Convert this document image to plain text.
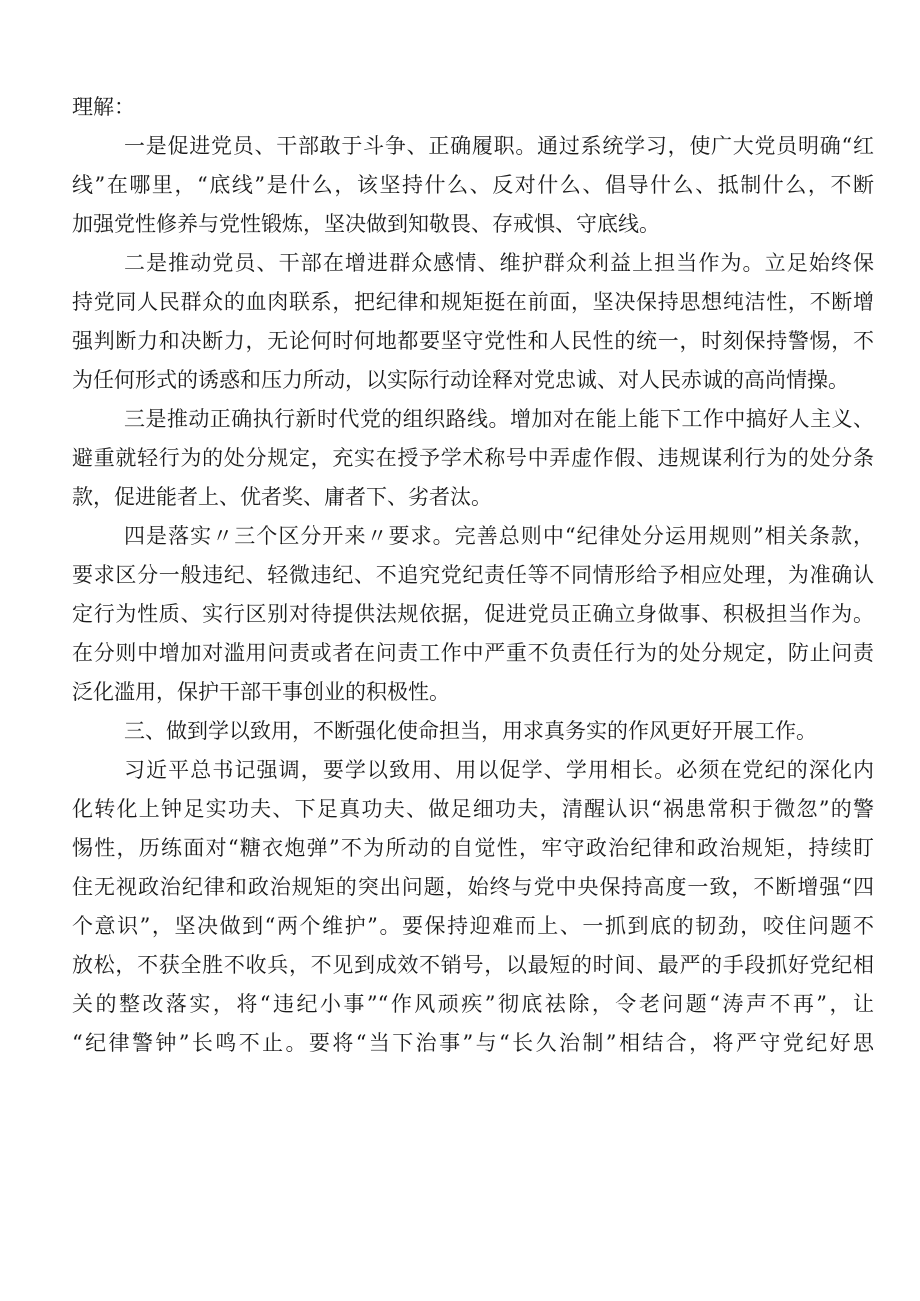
理解：
一是促进党员、干部敢于斗争、正确履职。通过系统学习，使广大党员明确“红
线”在哪里，“底线”是什么，该坚持什么、反对什么、倡导什么、抵制什么，不断
加强党性修养与党性锻炼，坚决做到知敬畏、存戒惧、守底线。
二是推动党员、干部在增进群众感情、维护群众利益上担当作为。立足始终保
持党同人民群众的血肉联系，把纪律和规矩挺在前面，坚决保持思想纯洁性，不断增
强判断力和决断力，无论何时何地都要坚守党性和人民性的统一，时刻保持警惕，不
为任何形式的诱惑和压力所动，以实际行动诠释对党忠诚、对人民赤诚的高尚情操。
三是推动正确执行新时代党的组织路线。增加对在能上能下工作中搞好人主义、
避重就轻行为的处分规定，充实在授予学术称号中弄虚作假、违规谋利行为的处分条
款，促进能者上、优者奖、庸者下、劣者汰。
四是落实〃三个区分开来〃要求。完善总则中“纪律处分运用规则”相关条款，
要求区分一般违纪、轻微违纪、不追究党纪责任等不同情形给予相应处理，为准确认
定行为性质、实行区别对待提供法规依据，促进党员正确立身做事、积极担当作为。
在分则中增加对滥用问责或者在问责工作中严重不负责任行为的处分规定，防止问责
泛化滥用，保护干部干事创业的积极性。
三、做到学以致用，不断强化使命担当，用求真务实的作风更好开展工作。
习近平总书记强调，要学以致用、用以促学、学用相长。必须在党纪的深化内
化转化上钟足实功夫、下足真功夫、做足细功夫，清醒认识“祸患常积于微忽”的警
惕性，历练面对“糖衣炮弹”不为所动的自觉性，牢守政治纪律和政治规矩，持续盯
住无视政治纪律和政治规矩的突出问题，始终与党中央保持高度一致，不断增强“四
个意识”，坚决做到“两个维护”。要保持迎难而上、一抓到底的韧劲，咬住问题不
放松，不获全胜不收兵，不见到成效不销号，以最短的时间、最严的手段抓好党纪相
关的整改落实，将“违纪小事”“作风顽疾”彻底祛除，令老问题“涛声不再”，让
“纪律警钟”长鸣不止。要将“当下治事”与“长久治制”相结合，将严守党纪好思
